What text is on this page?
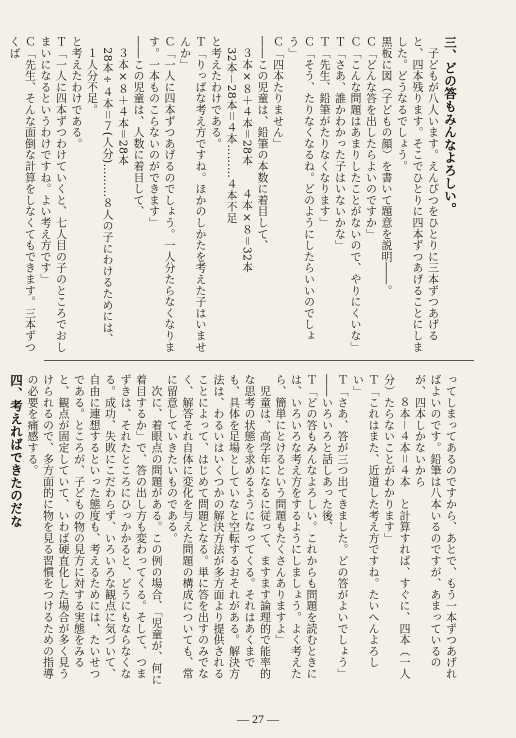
三、どの答もみんなよろしい。
　子どもが八人います。えんぴつをひとりに三本ずつあげると、四本残ります。そこでひとりに四本ずつあげることにしました。どうなるでしょう。
黒板に図（子どもの顔）を書いて題意を説明――。
Ｃ「どんな答を出したらよいのですか」
Ｃ「こんな問題はあまりしたことがないので、やりにくいな」
Ｔ「さあ、誰かわかった子はいないかな」
Ｔ「先生、鉛筆がたりなくなります」
Ｃ「そう、たりなくなるね。どのようにしたらいいのでしょう」
Ｃ「四本たりません」
――この児童は、鉛筆の本数に着目して、
　３本×８＋４本＝28本　　４本×８＝32本
　32本－28本＝４本………４本不足
と考えたわけである。
Ｔ「りっぱな考え方ですね。ほかのしかたを考えた子はいませんか」
Ｃ「一人に四本ずつあげるのでしょう。一人分たらなくなります。一本ものこらないのができます」
――この児童は、人数に着目して、
　３本×８＋４本＝28本
　28本÷４本＝７(人分)………８人の子にわけるためには、
　１人分不足。
と考えたわけである。
Ｔ「一人に四本ずつわけていくと、七人目の子のところでおしまいになるというわけですね。よい考え方です」
Ｃ「先生、そんな面倒な計算をしなくてもできます。三本ずつくば

ってしまってあるのですから、あとで、もう一本ずつあげればよいのです。鉛筆は八本いるのですが、あまっているのが、四本しかないから
　　８本－４本＝４本　と計算すれば、すぐに、四本（一人分）たらないことがわかります」
Ｔ「これはまた、近道した考え方ですね。たいへんよろしい」
Ｔ「さあ、答が三つ出てきました。どの答がよいでしょう」
――いろいろと話しあった後、
Ｔ「どの答もみんなよろしい。これからも問題を読むときには、いろいろな考え方をするようにしましょう。よく考えたら、簡単にとけるという問題もたくさんありますよ」
　児童は、高学年になるに従って、ますます論理的で能率的な思考の状態を求めるようになってくる。それはあくまでも、具体を足場としていなと空転するおそれがある。解決方法は、わるいはいくつかの解決方法が多方面より提供されることによって、はじめて問題となる。単に答を出すのみでなく、解答それ自体に変化を与えた問題の構成についても、常に留意していきたいものである。
　次に、着眼点の問題がある。この例の場合、「児童が、何に着目するか」で、答の出し方も変わってくる。そして、つまずきは、それたところにひっかかると、どうにもならなくなる。成功、失敗にこだわらず、いろいろな観点に気づいて、自由に連想するといった態度も、考えるためには、たいせつである。ところが、子どもの物の見方に対する実態をみると、観点が固定していて、いわば硬直化した場合が多く見うけられるので、多方面的に物を見る習慣をつけるための指導の必要を痛感する。
四、考えればできたのだな

― 27 ―
